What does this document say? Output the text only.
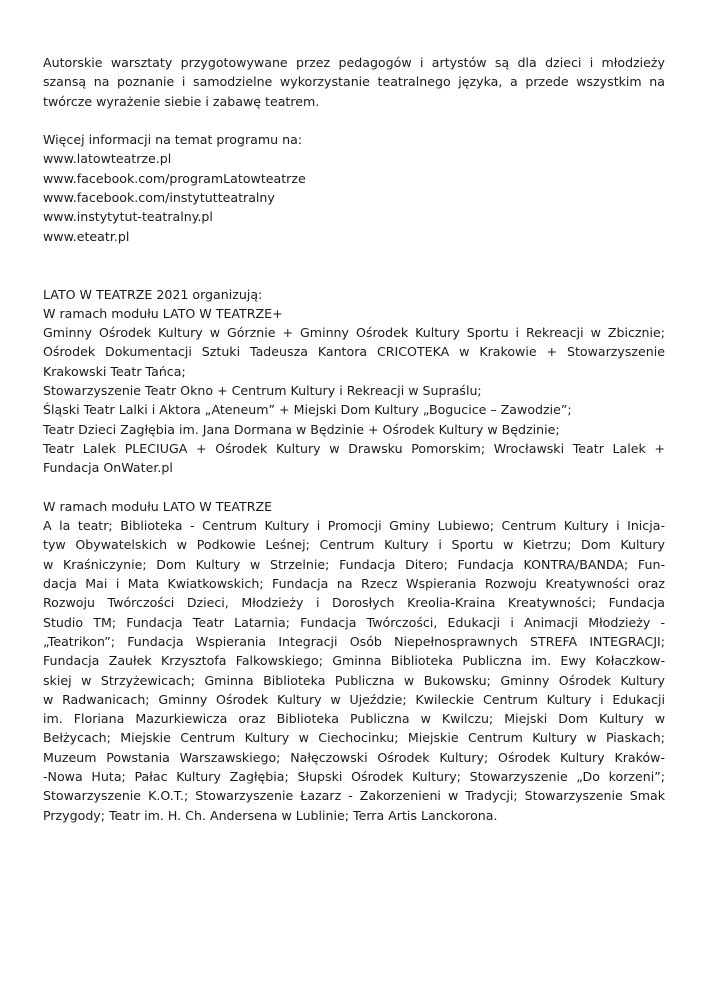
Autorskie warsztaty przygotowywane przez pedagogów i artystów są dla dzieci i młodzieży
szansą na poznanie i samodzielne wykorzystanie teatralnego języka, a przede wszystkim na
twórcze wyrażenie siebie i zabawę teatrem.
Więcej informacji na temat programu na:
www.latowteatrze.pl
www.facebook.com/programLatowteatrze
www.facebook.com/instytutteatralny
www.instytytut-teatralny.pl
www.eteatr.pl
LATO W TEATRZE 2021 organizują:
W ramach modułu LATO W TEATRZE+
Gminny Ośrodek Kultury w Górznie + Gminny Ośrodek Kultury Sportu i Rekreacji w Zbicznie;
Ośrodek Dokumentacji Sztuki Tadeusza Kantora CRICOTEKA w Krakowie + Stowarzyszenie
Krakowski Teatr Tańca;
Stowarzyszenie Teatr Okno + Centrum Kultury i Rekreacji w Supraślu;
Śląski Teatr Lalki i Aktora „Ateneum” + Miejski Dom Kultury „Bogucice – Zawodzie”;
Teatr Dzieci Zagłębia im. Jana Dormana w Będzinie + Ośrodek Kultury w Będzinie;
Teatr Lalek PLECIUGA + Ośrodek Kultury w Drawsku Pomorskim; Wrocławski Teatr Lalek +
Fundacja OnWater.pl
W ramach modułu LATO W TEATRZE
A la teatr; Biblioteka - Centrum Kultury i Promocji Gminy Lubiewo; Centrum Kultury i Inicja-
tyw Obywatelskich w Podkowie Leśnej; Centrum Kultury i Sportu w Kietrzu; Dom Kultury
w Kraśniczynie; Dom Kultury w Strzelnie; Fundacja Ditero; Fundacja KONTRA/BANDA; Fun-
dacja Mai i Mata Kwiatkowskich; Fundacja na Rzecz Wspierania Rozwoju Kreatywności oraz
Rozwoju Twórczości Dzieci, Młodzieży i Dorosłych Kreolia-Kraina Kreatywności; Fundacja
Studio TM; Fundacja Teatr Latarnia; Fundacja Twórczości, Edukacji i Animacji Młodzieży -
„Teatrikon”; Fundacja Wspierania Integracji Osób Niepełnosprawnych STREFA INTEGRACJI;
Fundacja Zaułek Krzysztofa Falkowskiego; Gminna Biblioteka Publiczna im. Ewy Kołaczkow-
skiej w Strzyżewicach; Gminna Biblioteka Publiczna w Bukowsku; Gminny Ośrodek Kultury
w Radwanicach; Gminny Ośrodek Kultury w Ujeździe; Kwileckie Centrum Kultury i Edukacji
im. Floriana Mazurkiewicza oraz Biblioteka Publiczna w Kwilczu; Miejski Dom Kultury w
Bełżycach; Miejskie Centrum Kultury w Ciechocinku; Miejskie Centrum Kultury w Piaskach;
Muzeum Powstania Warszawskiego; Nałęczowski Ośrodek Kultury; Ośrodek Kultury Kraków-
-Nowa Huta; Pałac Kultury Zagłębia; Słupski Ośrodek Kultury; Stowarzyszenie „Do korzeni”;
Stowarzyszenie K.O.T.; Stowarzyszenie Łazarz - Zakorzenieni w Tradycji; Stowarzyszenie Smak
Przygody; Teatr im. H. Ch. Andersena w Lublinie; Terra Artis Lanckorona.
